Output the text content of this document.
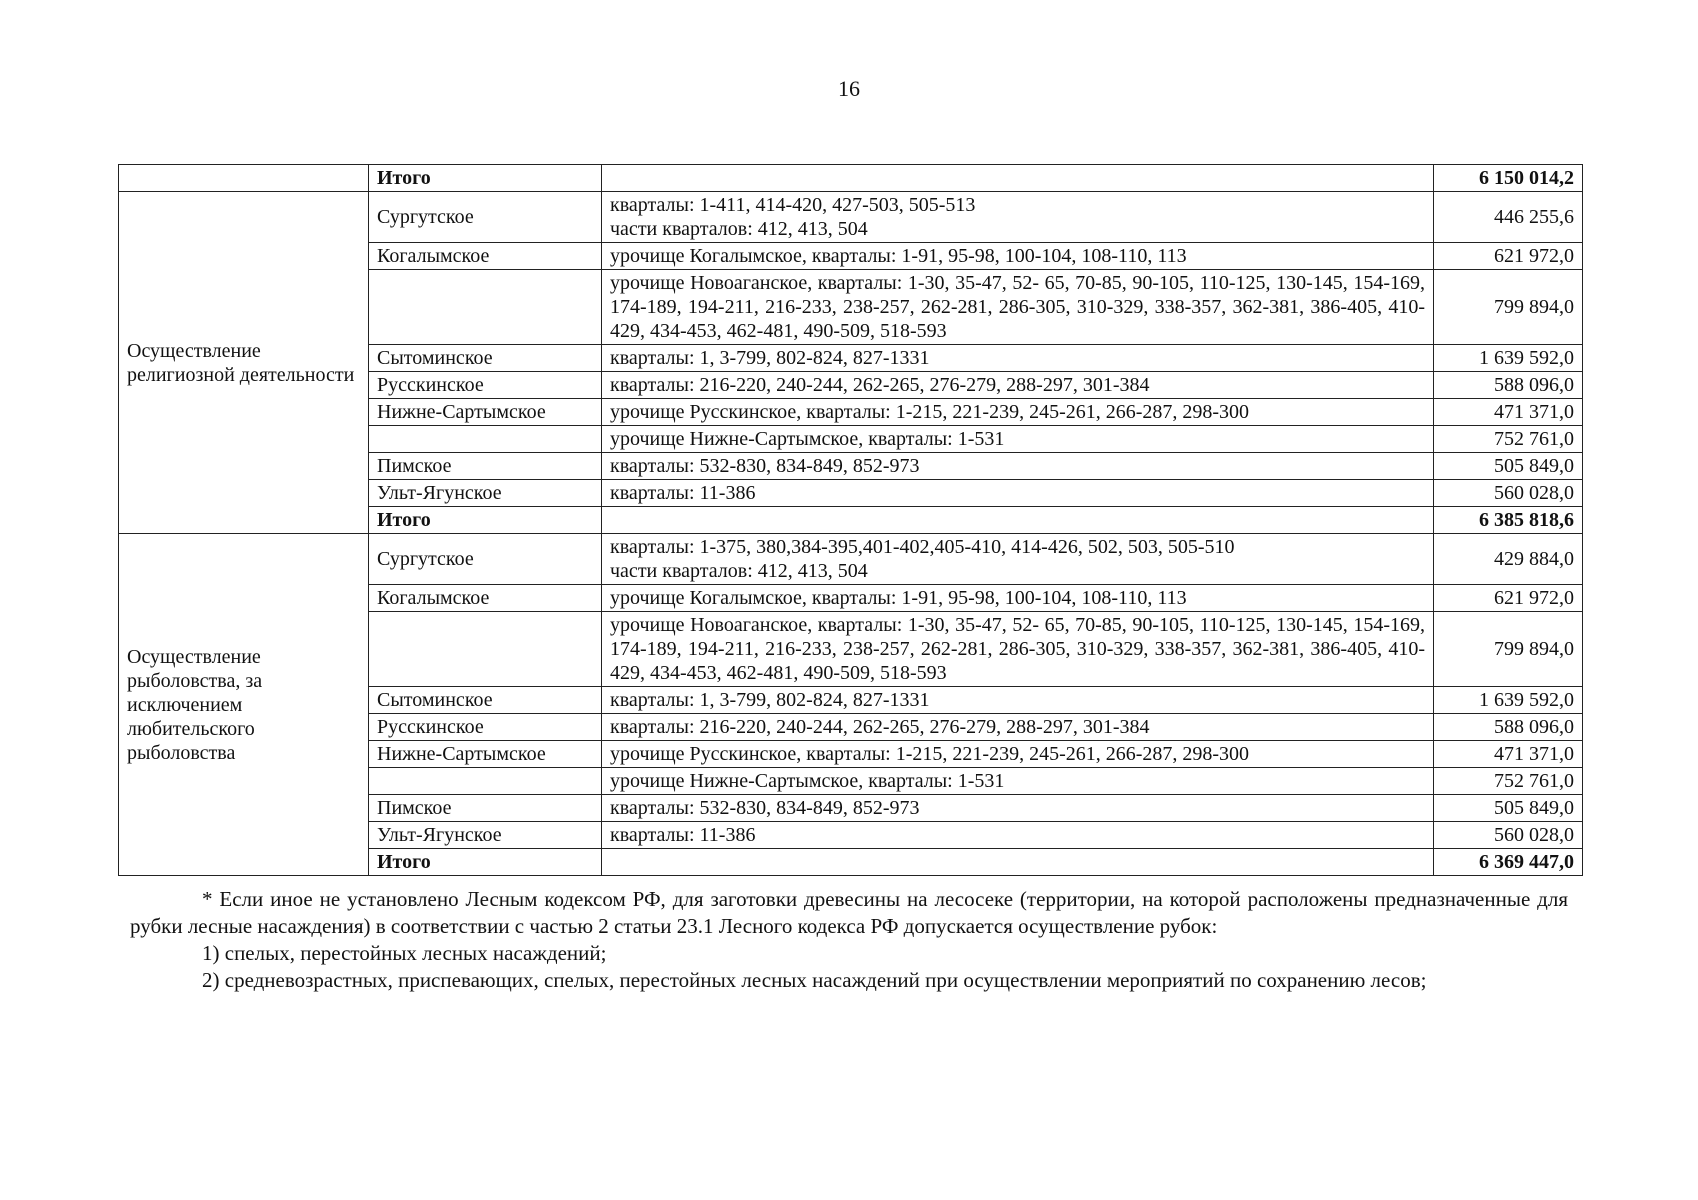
16
	Итого		6 150 014,2
Осуществление религиозной деятельности	Сургутское	кварталы: 1-411, 414-420, 427-503, 505-513
части кварталов: 412, 413, 504	446 255,6
	Когалымское	урочище Когалымское, кварталы: 1-91, 95-98, 100-104, 108-110, 113	621 972,0

		урочище Новоаганское, кварталы: 1-30, 35-47, 52- 65, 70-85, 90-105, 110-125, 130-145, 154-169, 174-189, 194-211, 216-233, 238-257, 262-281, 286-305, 310-329, 338-357, 362-381, 386-405, 410-429, 434-453, 462-481, 490-509, 518-593	799 894,0
	Сытоминское	кварталы: 1, 3-799, 802-824, 827-1331	1 639 592,0
	Русскинское	кварталы: 216-220, 240-244, 262-265, 276-279, 288-297, 301-384	588 096,0
	Нижне-Сартымское	урочище Русскинское, кварталы: 1-215, 221-239, 245-261, 266-287, 298-300	471 371,0

		урочище Нижне-Сартымское, кварталы: 1-531	752 761,0
	Пимское	кварталы: 532-830, 834-849, 852-973	505 849,0
	Ульт-Ягунское	кварталы: 11-386	560 028,0
	Итого		6 385 818,6
Осуществление рыболовства, за исключением любительского рыболовства	Сургутское	кварталы: 1-375, 380,384-395,401-402,405-410, 414-426, 502, 503, 505-510
части кварталов: 412, 413, 504	429 884,0
	Когалымское	урочище Когалымское, кварталы: 1-91, 95-98, 100-104, 108-110, 113	621 972,0

		урочище Новоаганское, кварталы: 1-30, 35-47, 52- 65, 70-85, 90-105, 110-125, 130-145, 154-169, 174-189, 194-211, 216-233, 238-257, 262-281, 286-305, 310-329, 338-357, 362-381, 386-405, 410-429, 434-453, 462-481, 490-509, 518-593	799 894,0
	Сытоминское	кварталы: 1, 3-799, 802-824, 827-1331	1 639 592,0
	Русскинское	кварталы: 216-220, 240-244, 262-265, 276-279, 288-297, 301-384	588 096,0
	Нижне-Сартымское	урочище Русскинское, кварталы: 1-215, 221-239, 245-261, 266-287, 298-300	471 371,0

		урочище Нижне-Сартымское, кварталы: 1-531	752 761,0
	Пимское	кварталы: 532-830, 834-849, 852-973	505 849,0
	Ульт-Ягунское	кварталы: 11-386	560 028,0
	Итого		6 369 447,0

* Если иное не установлено Лесным кодексом РФ, для заготовки древесины на лесосеке (территории, на которой расположены предназначенные для рубки лесные насаждения) в соответствии с частью 2 статьи 23.1 Лесного кодекса РФ допускается осуществление рубок:

1) спелых, перестойных лесных насаждений;

2) средневозрастных, приспевающих, спелых, перестойных лесных насаждений при осуществлении мероприятий по сохранению лесов;
